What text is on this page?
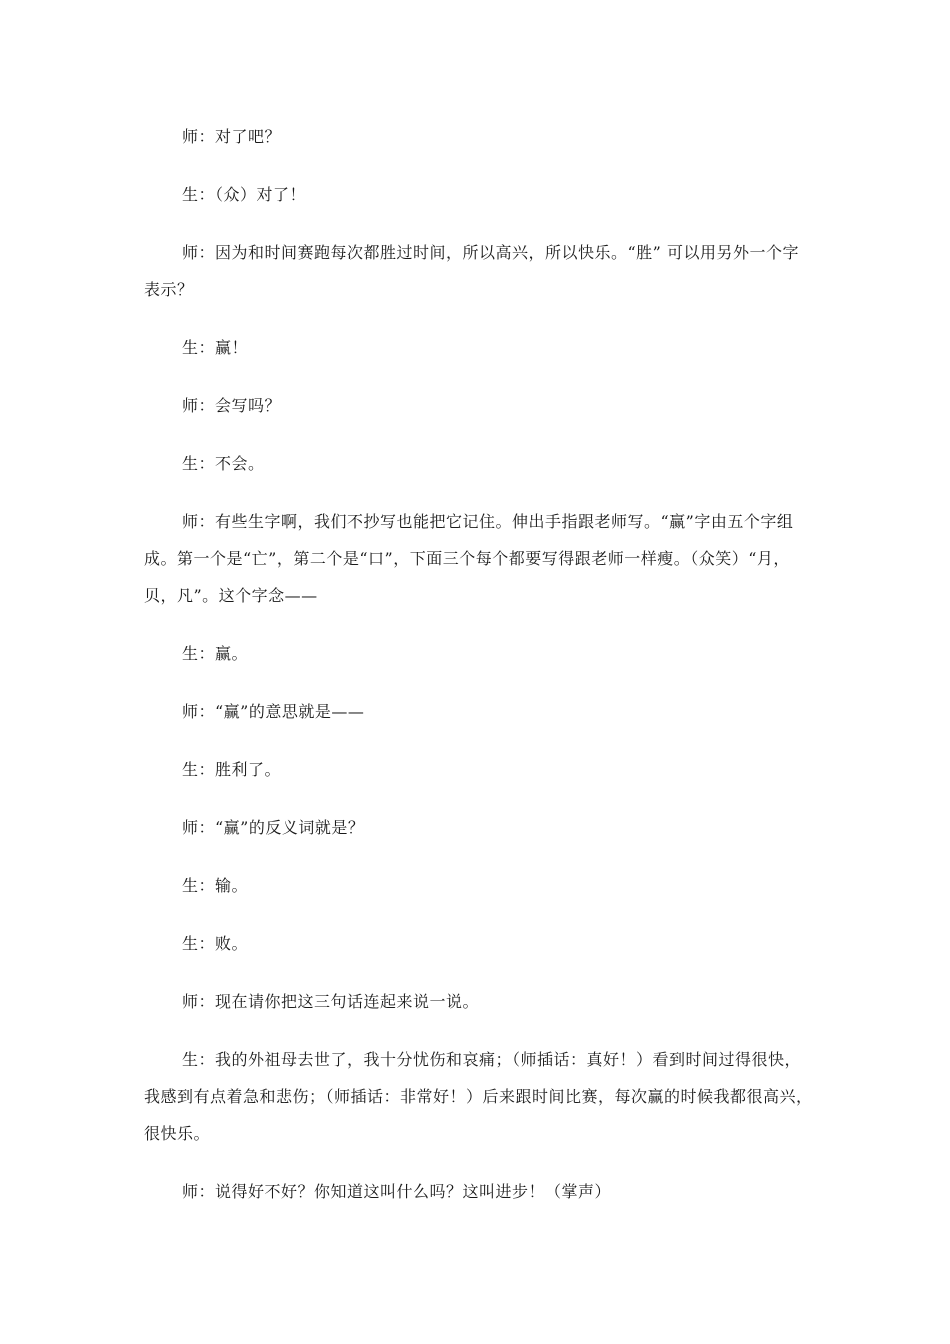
师：对了吧？

生：（众）对了！

师：因为和时间赛跑每次都胜过时间，所以高兴，所以快乐。“胜” 可以用另外一个字表示？

生：赢！

师：会写吗？

生：不会。

师：有些生字啊，我们不抄写也能把它记住。伸出手指跟老师写。“赢”字由五个字组成。第一个是“亡”，第二个是“口”，下面三个每个都要写得跟老师一样瘦。（众笑）“月，贝，凡”。这个字念——

生：赢。

师：“赢”的意思就是——

生：胜利了。

师：“赢”的反义词就是？

生：输。

生：败。

师：现在请你把这三句话连起来说一说。

生：我的外祖母去世了，我十分忧伤和哀痛；（师插话：真好！）看到时间过得很快，我感到有点着急和悲伤；（师插话：非常好！）后来跟时间比赛，每次赢的时候我都很高兴，很快乐。

师：说得好不好？你知道这叫什么吗？这叫进步！（掌声）
